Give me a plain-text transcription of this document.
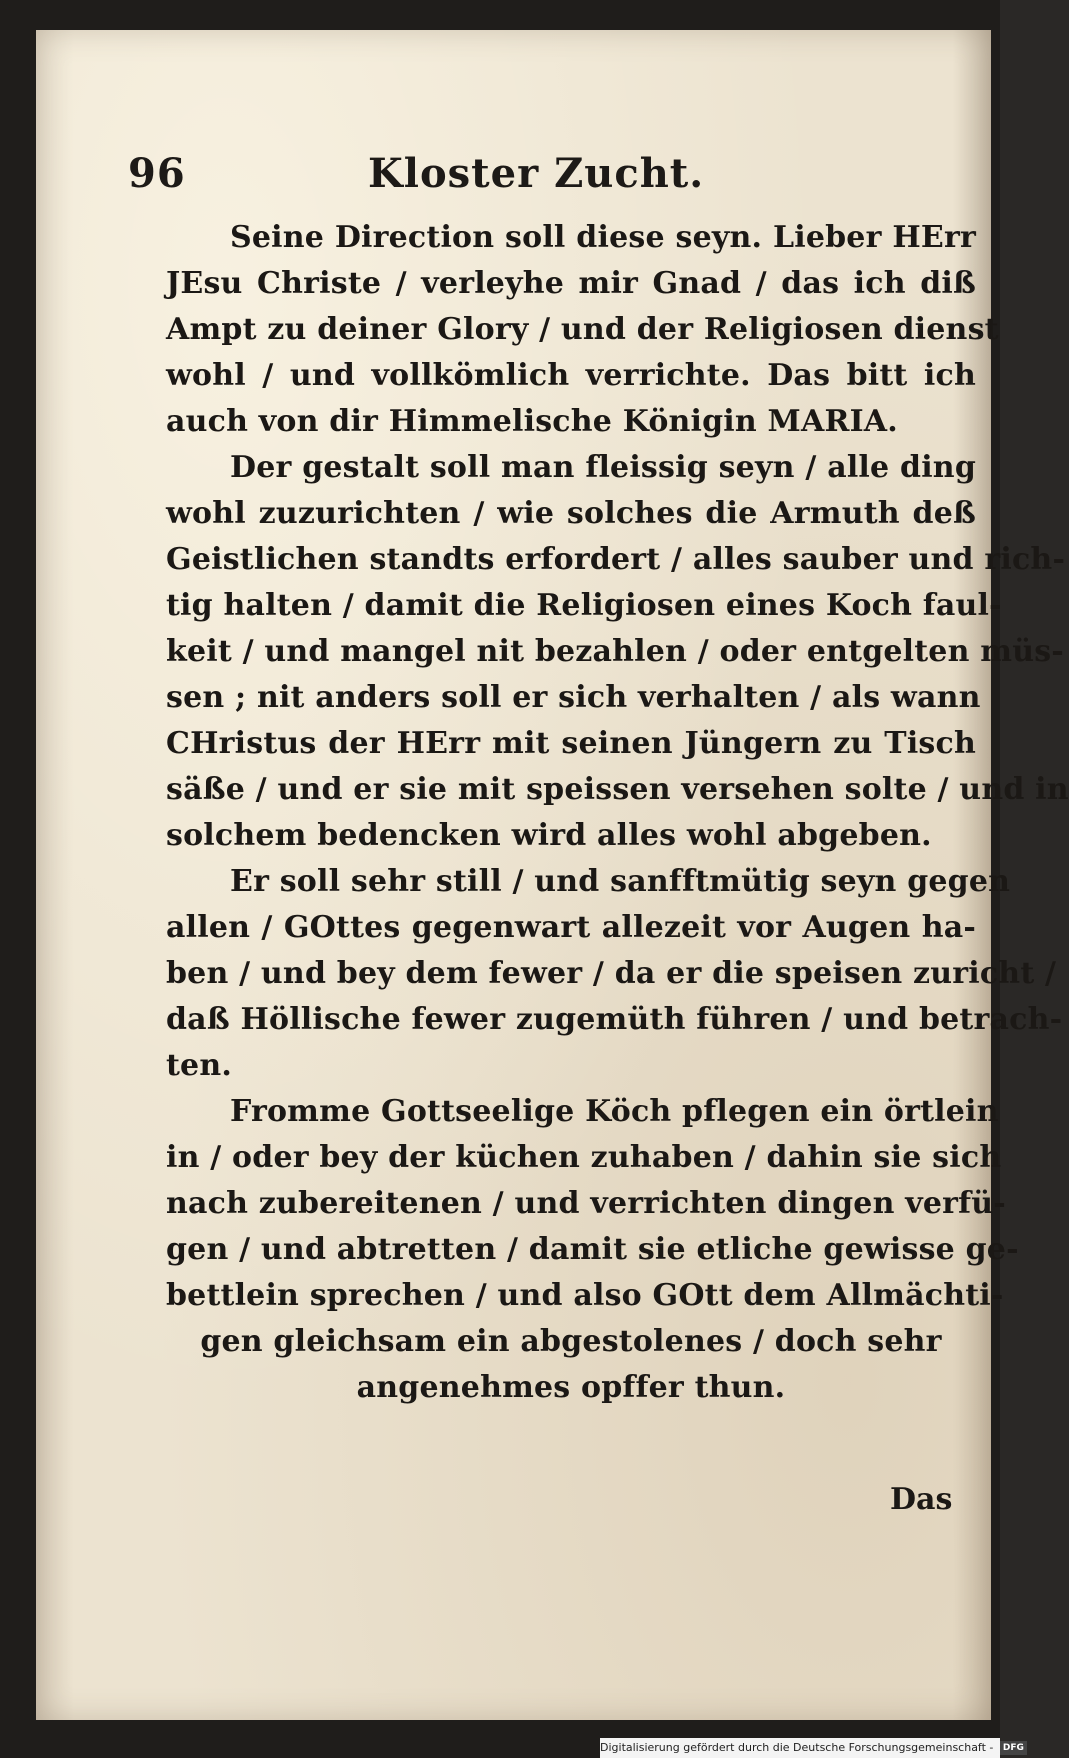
96	Kloster Zucht.
Seine Direction soll diese seyn. Lieber HErr
JEsu Christe / verleyhe mir Gnad / das ich diß
Ampt zu deiner Glory / und der Religiosen dienst
wohl / und vollkömlich verrichte. Das bitt ich
auch von dir Himmelische Königin MARIA.
Der gestalt soll man fleissig seyn / alle ding
wohl zuzurichten / wie solches die Armuth deß
Geistlichen standts erfordert / alles sauber und rich-
tig halten / damit die Religiosen eines Koch faul-
keit / und mangel nit bezahlen / oder entgelten müs-
sen ; nit anders soll er sich verhalten / als wann
CHristus der HErr mit seinen Jüngern zu Tisch
säße / und er sie mit speissen versehen solte / und in
solchem bedencken wird alles wohl abgeben.
Er soll sehr still / und sanfftmütig seyn gegen
allen / GOttes gegenwart allezeit vor Augen ha-
ben / und bey dem fewer / da er die speisen zuricht /
daß Höllische fewer zugemüth führen / und betrach-
ten.
Fromme Gottseelige Köch pflegen ein örtlein
in / oder bey der küchen zuhaben / dahin sie sich
nach zubereitenen / und verrichten dingen verfü-
gen / und abtretten / damit sie etliche gewisse ge-
bettlein sprechen / und also GOtt dem Allmächti-
gen gleichsam ein abgestolenes / doch sehr
angenehmes opffer thun.
Das
Digitalisierung gefördert durch die Deutsche Forschungsgemeinschaft - DFG
